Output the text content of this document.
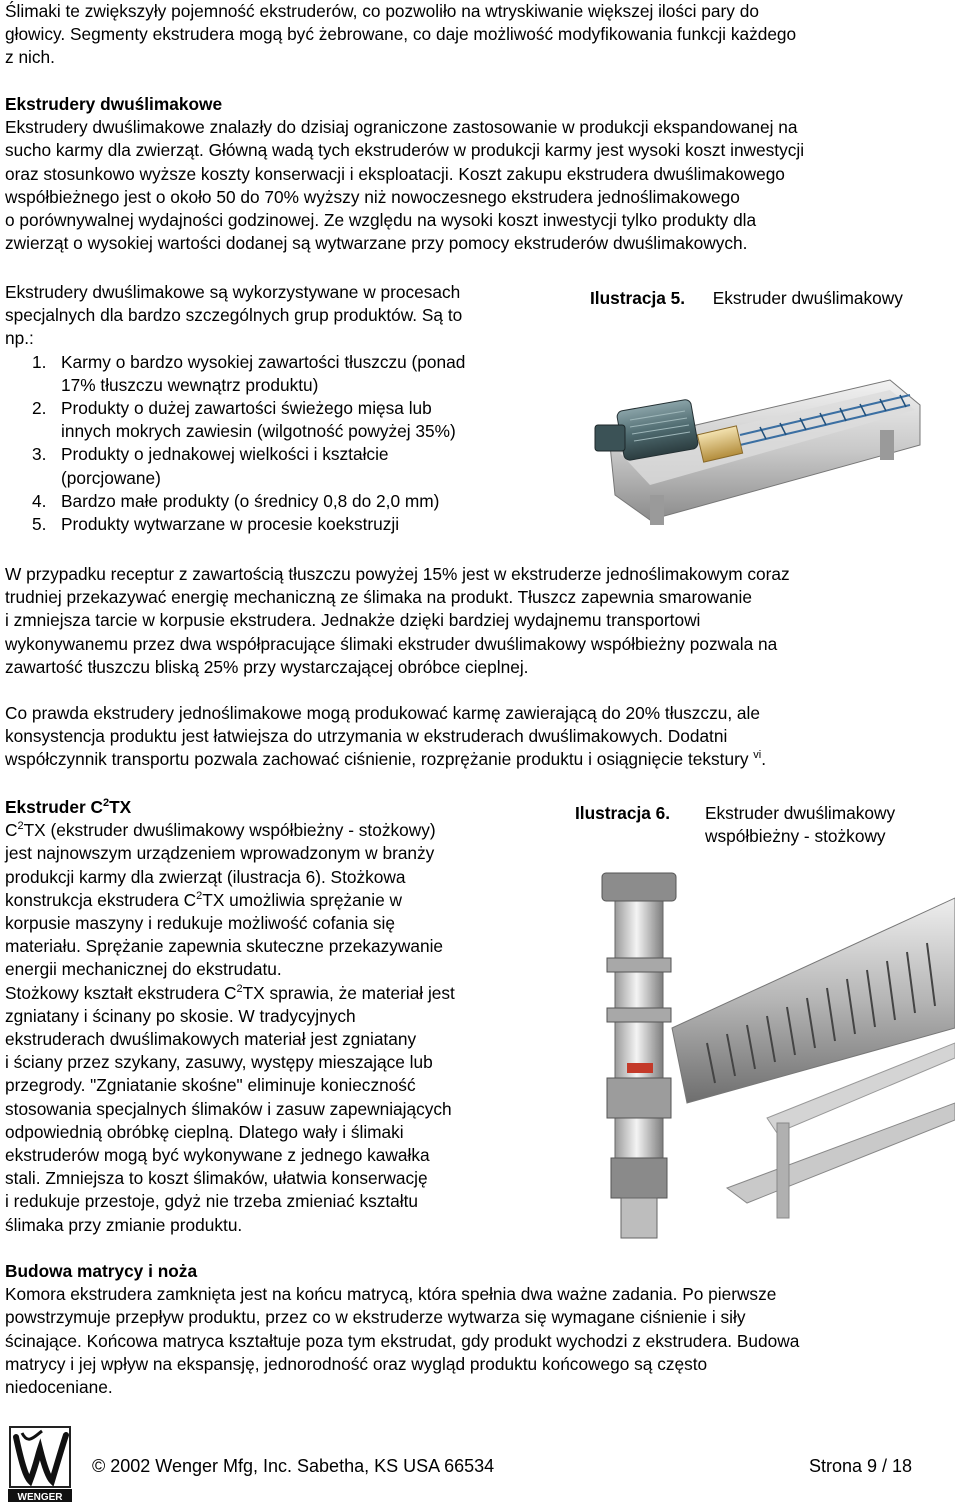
Ślimaki te zwiększyły pojemność ekstruderów, co pozwoliło na wtryskiwanie większej ilości pary do

głowicy. Segmenty ekstrudera mogą być żebrowane, co daje możliwość modyfikowania funkcji każdego

z nich.

Ekstrudery dwuślimakowe

Ekstrudery dwuślimakowe znalazły do dzisiaj ograniczone zastosowanie w produkcji ekspandowanej na

sucho karmy dla zwierząt. Główną wadą tych ekstruderów w produkcji karmy jest wysoki koszt inwestycji

oraz stosunkowo wyższe koszty konserwacji i eksploatacji. Koszt zakupu ekstrudera dwuślimakowego

współbieżnego jest o około 50 do 70% wyższy niż nowoczesnego ekstrudera jednoślimakowego

o porównywalnej wydajności godzinowej. Ze względu na wysoki koszt inwestycji tylko produkty dla

zwierząt o wysokiej wartości dodanej są wytwarzane przy pomocy ekstruderów dwuślimakowych.

Ekstrudery dwuślimakowe są wykorzystywane w procesach

specjalnych dla bardzo szczególnych grup produktów. Są to

np.:

1. Karmy o bardzo wysokiej zawartości tłuszczu (ponad
17% tłuszczu wewnątrz produktu)
2. Produkty o dużej zawartości świeżego mięsa lub
innych mokrych zawiesin (wilgotność powyżej 35%)
3. Produkty o jednakowej wielkości i kształcie
(porcjowane)
4. Bardzo małe produkty (o średnicy 0,8 do 2,0 mm)
5. Produkty wytwarzane w procesie koekstruzji
Ilustracja 5. Ekstruder dwuślimakowy

W przypadku receptur z zawartością tłuszczu powyżej 15% jest w ekstruderze jednoślimakowym coraz

trudniej przekazywać energię mechaniczną ze ślimaka na produkt. Tłuszcz zapewnia smarowanie

i zmniejsza tarcie w korpusie ekstrudera. Jednakże dzięki bardziej wydajnemu transportowi

wykonywanemu przez dwa współpracujące ślimaki ekstruder dwuślimakowy współbieżny pozwala na

zawartość tłuszczu bliską 25% przy wystarczającej obróbce cieplnej.

Co prawda ekstrudery jednoślimakowe mogą produkować karmę zawierającą do 20% tłuszczu, ale

konsystencja produktu jest łatwiejsza do utrzymania w ekstruderach dwuślimakowych. Dodatni

współczynnik transportu pozwala zachować ciśnienie, rozprężanie produktu i osiągnięcie tekstury $^{vi}$.

Ekstruder $C^2TX$

$C^2TX$ (ekstruder dwuślimakowy współbieżny - stożkowy)

jest najnowszym urządzeniem wprowadzonym w branży

produkcji karmy dla zwierząt (ilustracja 6). Stożkowa

konstrukcja ekstrudera $C^2TX$ umożliwia sprężanie w

korpusie maszyny i redukuje możliwość cofania się

materiału. Sprężanie zapewnia skuteczne przekazywanie

energii mechanicznej do ekstrudatu.

Stożkowy kształt ekstrudera $C^2TX$ sprawia, że materiał jest

zgniatany i ścinany po skosie. W tradycyjnych

ekstruderach dwuślimakowych materiał jest zgniatany

i ściany przez szykany, zasuwy, występy mieszające lub

przegrody. "Zgniatanie skośne" eliminuje konieczność

stosowania specjalnych ślimaków i zasuw zapewniających

odpowiednią obróbkę cieplną. Dlatego wały i ślimaki

ekstruderów mogą być wykonywane z jednego kawałka

stali. Zmniejsza to koszt ślimaków, ułatwia konserwację

i redukuje przestoje, gdyż nie trzeba zmieniać kształtu

ślimaka przy zmianie produktu.

Ilustracja 6.	Ekstruder dwuślimakowy
współbieżny - stożkowy

Budowa matrycy i noża

Komora ekstrudera zamknięta jest na końcu matrycą, która spełnia dwa ważne zadania. Po pierwsze

powstrzymuje przepływ produktu, przez co w ekstruderze wytwarza się wymagane ciśnienie i siły

ścinające. Końcowa matryca kształtuje poza tym ekstrudat, gdy produkt wychodzi z ekstrudera. Budowa

matrycy i jej wpływ na ekspansję, jednorodność oraz wygląd produktu końcowego są często

niedoceniane.

WENGER
© 2002 Wenger Mfg, Inc. Sabetha, KS USA 66534	Strona 9 / 18
